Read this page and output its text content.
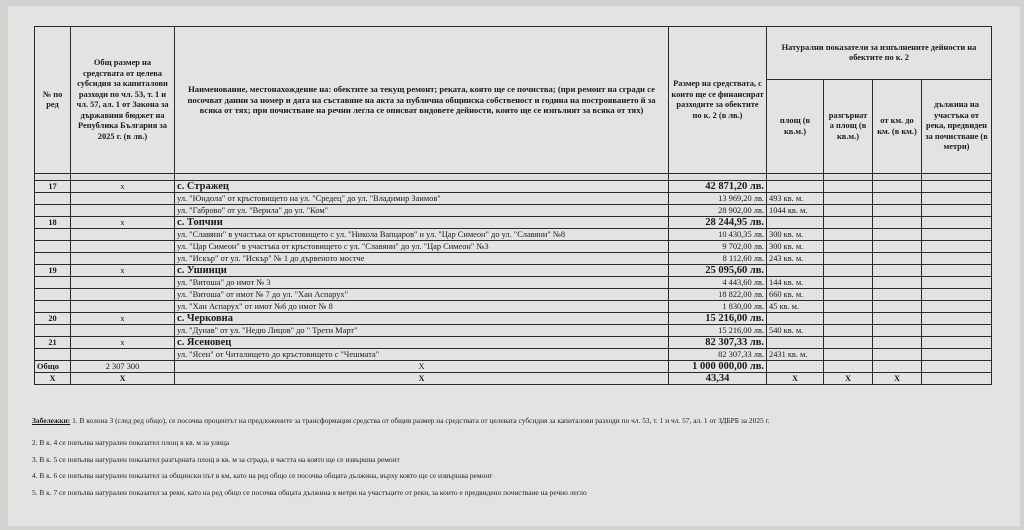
№ по ред	Общ размер на средствата от целева субсидия за капиталови разходи по чл. 53, т. 1 и чл. 57, ал. 1 от Закона за държавния бюджет на Република България за 2025 г. (в лв.)	Наименование, местонахождение на: обектите за текущ ремонт; реката, която ще се почиства; (при ремонт на сгради се посочват данни за номер и дата на съставяне на акта за публична общинска собственост и година на построяването й за всяка от тях; при почистване на речни легла се описват видовете дейности, които ще се изпълнят за всяка от тях)	Размер на средствата, с които ще се финансират разходите за обектите по к. 2 (в лв.)	Натурални показатели за изпълнените дейности на обектите по к. 2			
				площ (в кв.м.)	разгърнат а площ (в кв.м.)	от км. до км. (в км.)	дължина на участъка от река, предвиден за почистване (в метри)

17	x	с. Стражец	42 871,20 лв.				
		ул. "Юндола" от кръстовището на ул. "Средец" до ул. "Владимир Заимов"	13 969,20 лв.	493 кв. м.			
		ул. "Габрово" от ул. "Верила" до ул. "Ком"	28 902,00 лв.	1044 кв. м.			
18	x	с. Топчии	28 244,95 лв.				
		ул. "Славянн" в участъка от кръстовището с ул. "Никола Вапцаров" и ул. "Цар Симеон" до ул. "Славяни" №8	10 430,35 лв.	300 кв. м.			
		ул. "Цар Симеон" в участъка от кръстовището с ул. "Славяни" до ул. "Цар Симеон" №3	9 702,00 лв.	300 кв. м.			
		ул. "Искър" от ул. "Искър" № 1 до дървеното мостче	8 112,60 лв.	243 кв. м.			
19	x	с. Ушинци	25 095,60 лв.				
		ул. "Витоша" до имот № 3	4 443,60 лв.	144 кв. м.			
		ул. "Витоша" от имот № 7 до ул. "Хан Аспарух"	18 822,00 лв.	660 кв. м.			
		ул. "Хан Аспарух" от имот №6 до имот № 8	1 830,00 лв.	45 кв. м.			
20	x	с. Черковна	15 216,00 лв.				
		ул. "Дунав" от ул. "Недю Лицов" до " Трети Март"	15 216,00 лв.	540 кв. м.			
21	x	с. Ясеновец	82 307,33 лв.				
		ул. "Ясен" от Читалището до кръстовището с "Чешмата"	82 307,33 лв.	2431 кв. м.			
Общо	2 307 300	X	1 000 000,00 лв.				
X	X	X	43,34	X	X	X	

Забележки: 1. В колона 3 (след ред общо), се посочва процентът на предложените за трансформация средства от общия размер на средствата от целевата субсидия за капиталови разходи по чл. 53, т. 1 и чл. 57, ал. 1 от ЗДБРБ за 2025 г.

2. В к. 4 се попълва натурален показател площ в кв. м за улица

3. В к. 5 се попълва натурален показател разгърната площ в кв. м за сграда, в частта на която ще се извършва ремонт

4. В к. 6 се попълва натурален показател за общински път в км, като на ред общо се посочва общата дължина, върху която ще се извършва ремонт

5. В к. 7 се попълва натурален показател за реки, като на ред общо се посочва общата дължина в метри на участъците от реки, за които е предвидено почистване на речно легло
